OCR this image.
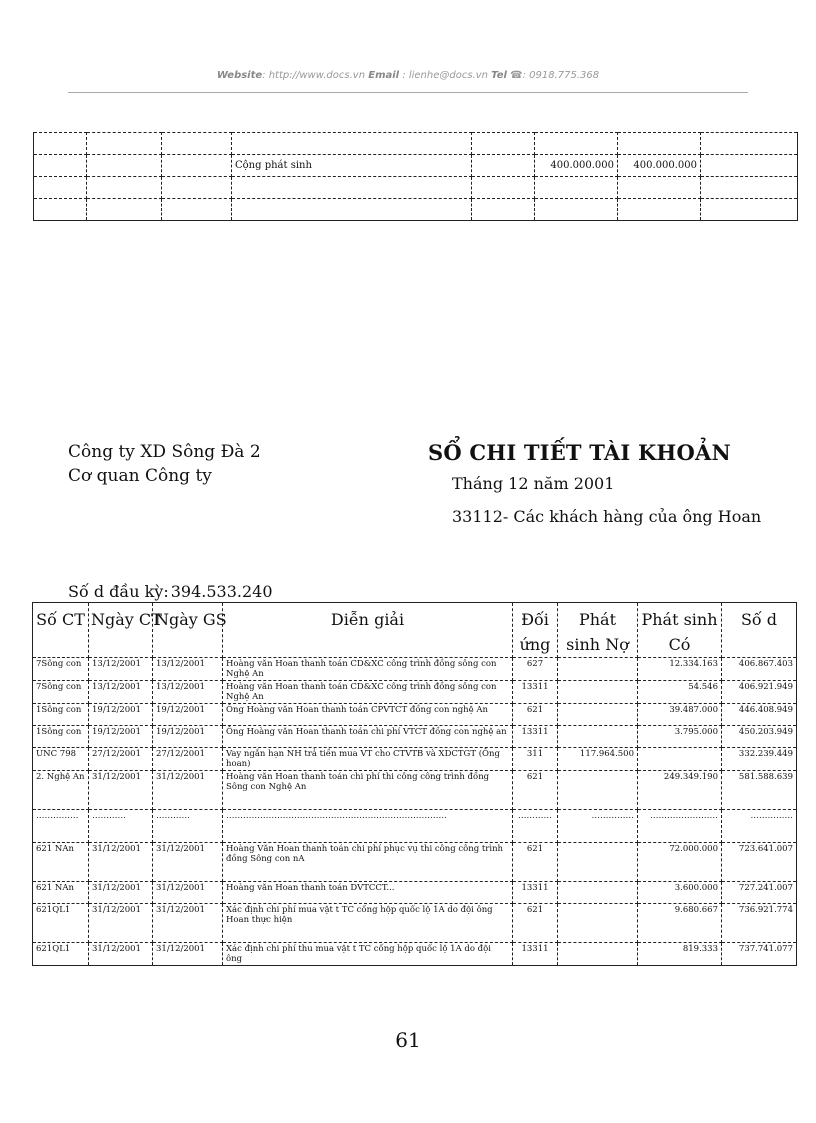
Website: http://www.docs.vn Email : lienhe@docs.vn Tel ☎: 0918.775.368

			Cộng phát sinh		400.000.000	400.000.000	

Công ty XD Sông Đà 2
Cơ quan Công ty
SỔ CHI TIẾT TÀI KHOẢN
Tháng 12 năm 2001
33112- Các khách hàng của ông Hoan
Số d đầu kỳ: 394.533.240
Số CT	Ngày CT	Ngày GS	Diễn giải	Đối ứng	Phát sinh Nợ	Phát sinh Có	Số d
7Sông con	13/12/2001	13/12/2001	Hoàng văn Hoan thanh toán CD&XC công trình đồng sông con Nghệ An	627		12.334.163	406.867.403
7Sông con	13/12/2001	13/12/2001	Hoàng văn Hoan thanh toán CD&XC công trình đồng sông con Nghệ An	13311		54.546	406.921.949
1Sông con	19/12/2001	19/12/2001	Ông Hoàng văn Hoan thanh toán CPVTCT đồng con nghệ An	621		39.487.000	446.408.949
1Sông con	19/12/2001	19/12/2001	Ông Hoàng văn Hoan thanh toán chi phí VTCT đồng con nghệ an	13311		3.795.000	450.203.949
UNC 798	27/12/2001	27/12/2001	Vay ngắn hạn NH trả tiền mua VT cho CTVTB và XDCTGT (Ông hoan)	311	117.964.500		332.239.449
2. Nghệ An	31/12/2001	31/12/2001	Hoàng văn Hoan thanh toán chi phí thi công công trình đồng Sông con Nghệ An	621		249.349.190	581.588.639
……………	…………	…………	……………………………………………………………………	…………	……………	……………………	……………
621 NAn	31/12/2001	31/12/2001	Hoàng Văn Hoan thanh toán chi phí phục vụ thi công công trình đồng Sông con nA	621		72.000.000	723.641.007
621 NAn	31/12/2001	31/12/2001	Hoàng văn Hoan thanh toán DVTCCT...	13311		3.600.000	727.241.007
621QL1	31/12/2001	31/12/2001	Xác định chi phí mua vật t TC cống hộp quốc lộ 1A do đội ông Hoan thực hiện	621		9.680.667	736.921.774
621QL1	31/12/2001	31/12/2001	Xác định chi phí thu mua vật t TC cống hộp quốc lộ 1A do đội ông	13311		819.333	737.741.077
61
